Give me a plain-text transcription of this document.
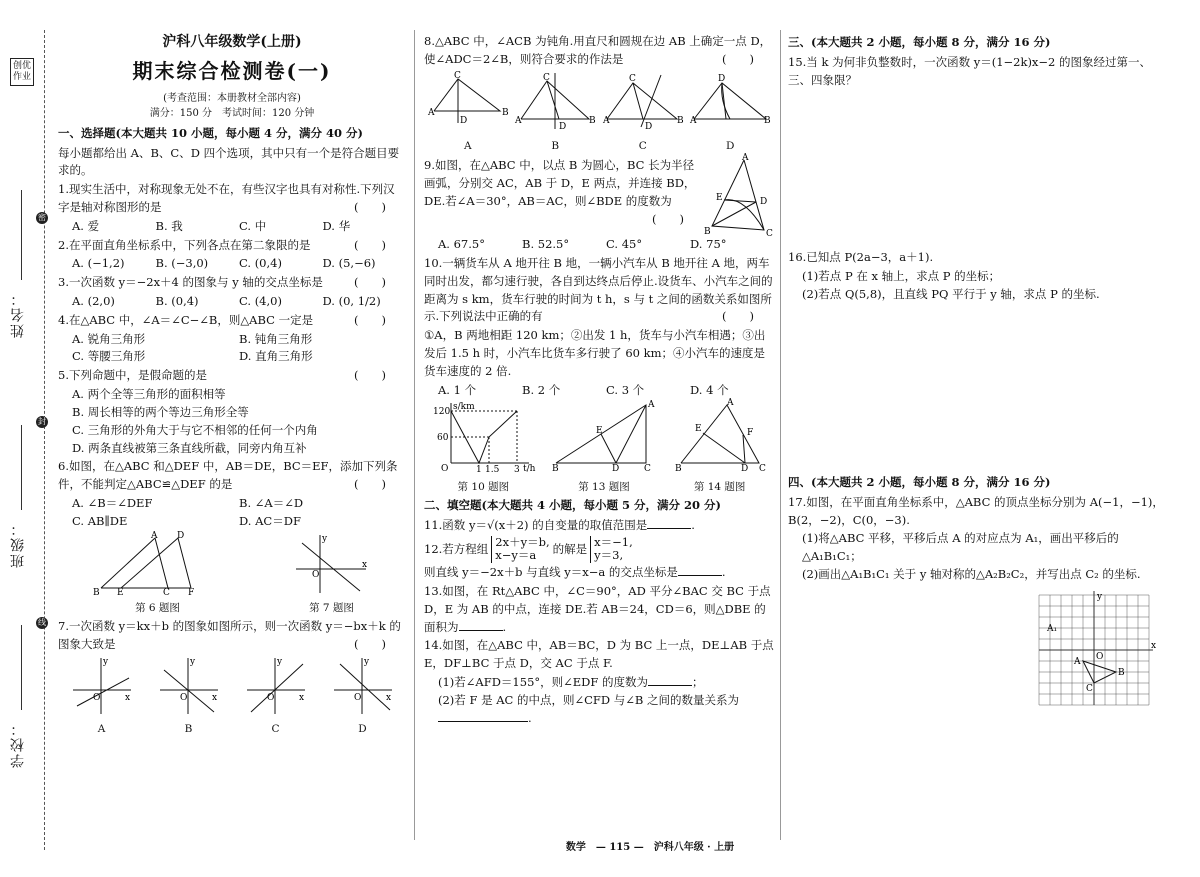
创优作业
姓名：
班级：
学校：
密
封
线

沪科八年级数学(上册)

期末综合检测卷(一)

(考查范围：本册教材全部内容)

满分：150 分　考试时间：120 分钟

一、选择题(本大题共 10 小题，每小题 4 分，满分 40 分)

每小题都给出 A、B、C、D 四个选项，其中只有一个是符合题目要求的。

1.现实生活中，对称现象无处不在，有些汉字也具有对称性.下列汉字是轴对称图形的是	(　　)
A. 爱	B. 我	C. 中	D. 华
2.在平面直角坐标系中，下列各点在第二象限的是	(　　)
A. (−1,2)	B. (−3,0)	C. (0,4)	D. (5,−6)
3.一次函数 y＝−2x＋4 的图象与 y 轴的交点坐标是	(　　)
A. (2,0)	B. (0,4)	C. (4,0)	D. (0, 1/2)
4.在△ABC 中，∠A＝∠C−∠B，则△ABC 一定是	(　　)
A. 锐角三角形	B. 钝角三角形
C. 等腰三角形	D. 直角三角形
5.下列命题中，是假命题的是	(　　)

A. 两个全等三角形的面积相等

B. 周长相等的两个等边三角形全等

C. 三角形的外角大于与它不相邻的任何一个内角

D. 两条直线被第三条直线所截，同旁内角互补

6.如图，在△ABC 和△DEF 中，AB＝DE，BC＝EF，添加下列条件，不能判定△ABC≌△DEF 的是	(　　)
A. ∠B＝∠DEF	B. ∠A＝∠D
C. AB∥DE	D. AC＝DF
B E	C F
A D
第 6 题图
y
x
O
第 7 题图
7.一次函数 y＝kx＋b 的图象如图所示，则一次函数 y＝−bx＋k 的图象大致是	(　　)
y
x
O
A
y
x
O
B
y
x
O
C
y
x
O
D
8.△ABC 中，∠ACB 为钝角.用直尺和圆规在边 AB 上确定一点 D，使∠ADC＝2∠B，则符合要求的作法是	(　　)
A	B
C
D
A
A	B
C
D
B
A	B
C
D
C
A	B
D
D
9.如图，在△ABC 中，以点 B 为圆心，BC 长为半径画弧，分别交 AC，AB 于 D，E 两点，并连接 BD，DE.若∠A＝30°，AB＝AC，则∠BDE 的度数为
(　　)
A
E	D
B	C
A. 67.5°	B. 52.5°	C. 45°	D. 75°
10.一辆货车从 A 地开往 B 地，一辆小汽车从 B 地开往 A 地，两车同时出发，都匀速行驶，各自到达终点后停止.设货车、小汽车之间的距离为 s km，货车行驶的时间为 t h，s 与 t 之间的函数关系如图所示.下列说法中正确的有	(　　)

①A，B 两地相距 120 km；②出发 1 h，货车与小汽车相遇；③出发后 1.5 h 时，小汽车比货车多行驶了 60 km；④小汽车的速度是货车速度的 2 倍.

A. 1 个	B. 2 个	C. 3 个	D. 4 个
120
60
O	1 1.5 3 t/h
s/km
第 10 题图
B
A
E
D	C
第 13 题图
B
A
E	F
D C
第 14 题图

二、填空题(本大题共 4 小题，每小题 5 分，满分 20 分)

11.函数 y＝√(x＋2) 的自变量的取值范围是	.

12.若方程组 2x＋y＝b,
x−y＝a	的解是 x＝−1,
y＝3,

则直线 y＝−2x＋b 与直线 y＝x−a 的交点坐标是	.

13.如图，在 Rt△ABC 中，∠C＝90°，AD 平分∠BAC 交 BC 于点 D，E 为 AB 的中点，连接 DE.若 AB＝24，CD＝6，则△DBE 的面积为	.

14.如图，在△ABC 中，AB＝BC，D 为 BC 上一点，DE⊥AB 于点 E，DF⊥BC 于点 D，交 AC 于点 F.

(1)若∠AFD＝155°，则∠EDF 的度数为	；

(2)若 F 是 AC 的中点，则∠CFD 与∠B 之间的数量关系为.

三、(本大题共 2 小题，每小题 8 分，满分 16 分)

15.当 k 为何非负整数时，一次函数 y＝(1−2k)x−2 的图象经过第一、三、四象限？

16.已知点 P(2a−3，a＋1).

(1)若点 P 在 x 轴上，求点 P 的坐标；

(2)若点 Q(5,8)，且直线 PQ 平行于 y 轴，求点 P 的坐标.

四、(本大题共 2 小题，每小题 8 分，满分 16 分)

17.如图，在平面直角坐标系中，△ABC 的顶点坐标分别为 A(−1，−1)，B(2，−2)，C(0，−3).

(1)将△ABC 平移，平移后点 A 的对应点为 A₁，画出平移后的△A₁B₁C₁；

(2)画出△A₁B₁C₁ 关于 y 轴对称的△A₂B₂C₂，并写出点 C₂ 的坐标.

x
y
O
A
B
C
A₁
数学　— 115 —　沪科八年级 · 上册
